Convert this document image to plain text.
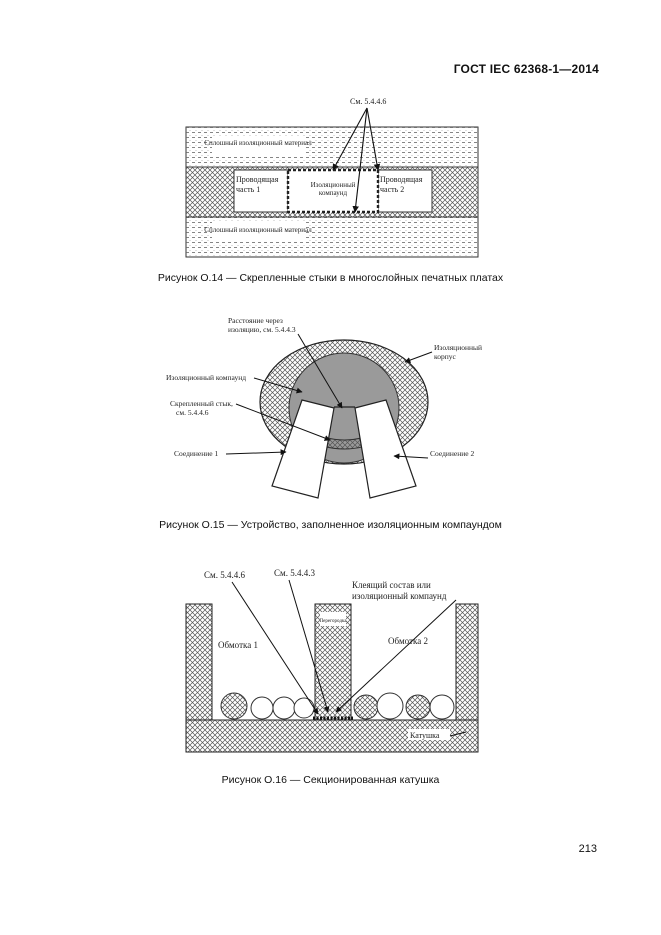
ГОСТ IEC 62368-1—2014
Сплошный изоляционный материал
Сплошный изоляционный материал
Проводящая
часть 1
Проводящая
часть 2
Изоляционный
компаунд
См. 5.4.4.6
Расстояние через
изоляцию, см. 5.4.4.3
Изоляционный
корпус
Изоляционный компаунд
Скрепленный стык,
см. 5.4.4.6
Соединение 1	Соединение 2
Перегородка
См. 5.4.4.6	См. 5.4.4.3
Клеящий состав или
изоляционный компаунд
Обмотка 1	Обмотка 2
Катушка
Рисунок О.14 — Скрепленные стыки в многослойных печатных платах
Рисунок О.15 — Устройство, заполненное изоляционным компаундом
Рисунок О.16 — Секционированная катушка
213
